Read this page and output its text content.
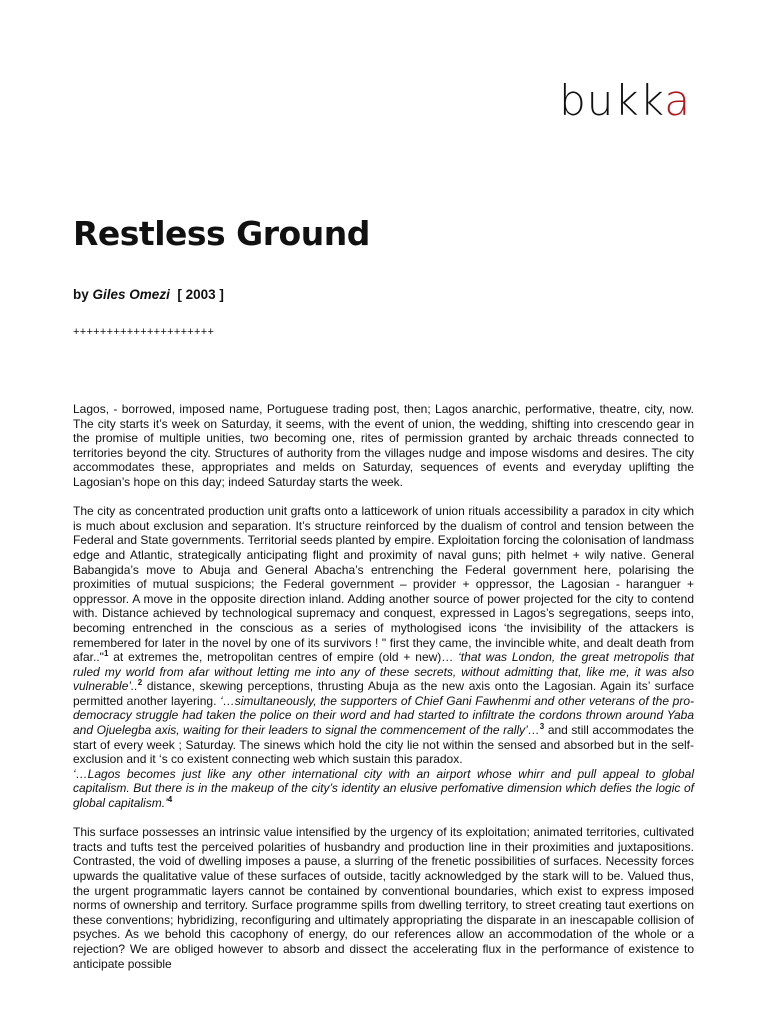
bukka
Restless Ground
by Giles Omezi [ 2003 ]
+++++++++++++++++++++

Lagos, - borrowed, imposed name, Portuguese trading post, then; Lagos anarchic, performative, theatre, city, now. The city starts it’s week on Saturday, it seems, with the event of union, the wedding, shifting into crescendo gear in the promise of multiple unities, two becoming one, rites of permission granted by archaic threads connected to territories beyond the city. Structures of authority from the villages nudge and impose wisdoms and desires. The city accommodates these, appropriates and melds on Saturday, sequences of events and everyday uplifting the Lagosian’s hope on this day; indeed Saturday starts the week.

The city as concentrated production unit grafts onto a latticework of union rituals accessibility a paradox in city which is much about exclusion and separation. It’s structure reinforced by the dualism of control and tension between the Federal and State governments. Territorial seeds planted by empire. Exploitation forcing the colonisation of landmass edge and Atlantic, strategically anticipating flight and proximity of naval guns; pith helmet + wily native. General Babangida’s move to Abuja and General Abacha’s entrenching the Federal government here, polarising the proximities of mutual suspicions; the Federal government – provider + oppressor, the Lagosian - haranguer + oppressor. A move in the opposite direction inland. Adding another source of power projected for the city to contend with. Distance achieved by technological supremacy and conquest, expressed in Lagos’s segregations, seeps into, becoming entrenched in the conscious as a series of mythologised icons ‘the invisibility of the attackers is remembered for later in the novel by one of its survivors ! " first they came, the invincible white, and dealt death from afar.."$^1$ at extremes the, metropolitan centres of empire (old + new)… ‘that was London, the great metropolis that ruled my world from afar without letting me into any of these secrets, without admitting that, like me, it was also vulnerable’..$^2$ distance, skewing perceptions, thrusting Abuja as the new axis onto the Lagosian. Again its’ surface permitted another layering. ‘…simultaneously, the supporters of Chief Gani Fawhenmi and other veterans of the pro-democracy struggle had taken the police on their word and had started to infiltrate the cordons thrown around Yaba and Ojuelegba axis, waiting for their leaders to signal the commencement of the rally’…$^3$ and still accommodates the start of every week ; Saturday. The sinews which hold the city lie not within the sensed and absorbed but in the self-exclusion and it ‘s co existent connecting web which sustain this paradox.

‘…Lagos becomes just like any other international city with an airport whose whirr and pull appeal to global capitalism. But there is in the makeup of the city’s identity an elusive perfomative dimension which defies the logic of global capitalism.’$^4$

This surface possesses an intrinsic value intensified by the urgency of its exploitation; animated territories, cultivated tracts and tufts test the perceived polarities of husbandry and production line in their proximities and juxtapositions. Contrasted, the void of dwelling imposes a pause, a slurring of the frenetic possibilities of surfaces. Necessity forces upwards the qualitative value of these surfaces of outside, tacitly acknowledged by the stark will to be. Valued thus, the urgent programmatic layers cannot be contained by conventional boundaries, which exist to express imposed norms of ownership and territory. Surface programme spills from dwelling territory, to street creating taut exertions on these conventions; hybridizing, reconfiguring and ultimately appropriating the disparate in an inescapable collision of psyches. As we behold this cacophony of energy, do our references allow an accommodation of the whole or a rejection? We are obliged however to absorb and dissect the accelerating flux in the performance of existence to anticipate possible
